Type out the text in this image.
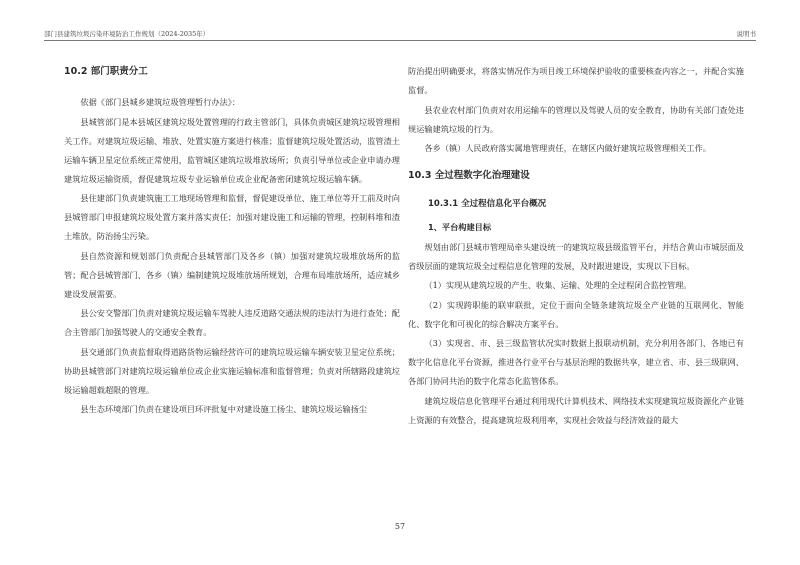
部门县建筑垃圾污染环境防治工作规划（2024-2035年）	说明书
10.2 部门职责分工

依据《部门县城乡建筑垃圾管理暂行办法》：

县城管部门是本县城区建筑垃圾处置管理的行政主管部门，具体负责城区建筑垃圾管理相关工作。对建筑垃圾运输、堆放、处置实施方案进行核准；监督建筑垃圾处置活动，监管渣土运输车辆卫星定位系统正常使用，监管城区建筑垃圾堆放场所；负责引导单位或企业申请办理建筑垃圾运输资质，督促建筑垃圾专业运输单位或企业配备密闭建筑垃圾运输车辆。

县住建部门负责建筑施工工地现场管理和监督，督促建设单位、施工单位等开工前及时向县城管部门申报建筑垃圾处置方案并落实责任；加强对建设施工和运输的管理，控制料堆和渣土堆放，防治扬尘污染。

县自然资源和规划部门负责配合县城管部门及各乡（镇）加强对建筑垃圾堆放场所的监管；配合县城管部门、各乡（镇）编制建筑垃圾堆放场所规划，合理布局堆放场所，适应城乡建设发展需要。

县公安交警部门负责对建筑垃圾运输车驾驶人违反道路交通法规的违法行为进行查处；配合主管部门加强驾驶人的交通安全教育。

县交通部门负责监督取得道路货物运输经营许可的建筑垃圾运输车辆安装卫星定位系统；协助县城管部门对建筑垃圾运输单位或企业实施运输标准和监督管理；负责对所辖路段建筑垃圾运输超载超限的管理。

县生态环境部门负责在建设项目环评批复中对建设施工扬尘、建筑垃圾运输扬尘

防治提出明确要求，将落实情况作为项目竣工环境保护验收的重要核查内容之一，并配合实施监督。

县农业农村部门负责对农用运输车的管理以及驾驶人员的安全教育，协助有关部门查处违规运输建筑垃圾的行为。

各乡（镇）人民政府落实属地管理责任，在辖区内做好建筑垃圾管理相关工作。

10.3 全过程数字化治理建设
10.3.1 全过程信息化平台概况
1、平台构建目标

规划由部门县城市管理局牵头建设统一的建筑垃圾县级监管平台，并结合黄山市城层面及省级层面的建筑垃圾全过程信息化管理的发展，及时跟进建设，实现以下目标。

（1）实现从建筑垃圾的产生、收集、运输、处理的全过程闭合监控管理。

（2）实现跨职能的联审联批，定位于面向全链条建筑垃圾全产业链的互联网化、智能化、数字化和可视化的综合解决方案平台。

（3）实现省、市、县三级监管状况实时数据上报联动机制，充分利用各部门、各地已有数字化信息化平台资源，推进各行业平台与基层治理的数据共享，建立省、市、县三级联网、各部门协同共治的数字化常态化监管体系。

建筑垃圾信息化管理平台通过利用现代计算机技术、网络技术实现建筑垃圾资源化产业链上资源的有效整合，提高建筑垃圾利用率，实现社会效益与经济效益的最大

57
